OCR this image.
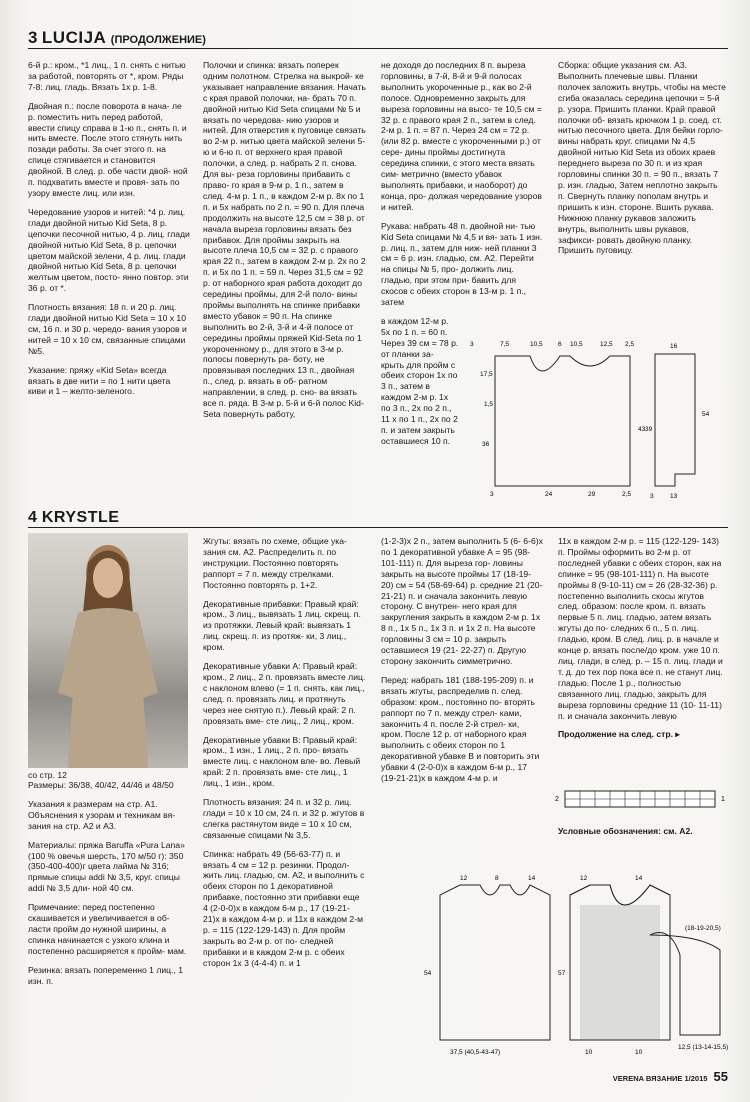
3 LUCIJA (ПРОДОЛЖЕНИЕ)

6-й р.: кром., *1 лиц., 1 п. снять с нитью за работой, повторять от *, кром. Ряды 7-8: лиц. гладь. Вязать 1х р. 1-8.

Двойная п.: после поворота в нача- ле р. поместить нить перед работой, ввести спицу справа в 1-ю п., снять п. и нить вместе. После этого стянуть нить позади работы. За счет этого п. на спице стягивается и становится двойной. В след. р. обе части двой- ной п. подхватить вместе и провя- зать по узору вместе лиц. или изн.

Чередование узоров и нитей: *4 р. лиц. глади двойной нитью Kid Seta, 8 р. цепочки песочной нитью, 4 р. лиц. глади двойной нитью Kid Seta, 8 р. цепочки цветом майской зелени, 4 р. лиц. глади двойной нитью Kid Seta, 8 р. цепочки желтым цветом, посто- янно повтор. эти 36 р. от *.

Плотность вязания: 18 п. и 20 р. лиц. глади двойной нитью Kid Seta = 10 х 10 см, 16 п. и 30 р. чередо- вания узоров и нитей = 10 х 10 см, связанные спицами №5.

Указание: пряжу «Kid Seta» всегда вязать в две нити = по 1 нити цвета киви и 1 – желто-зеленого.

Полочки и спинка: вязать поперек одним полотном. Стрелка на выкрой- ке указывает направление вязания. Начать с края правой полочки, на- брать 70 п. двойной нитью Kid Seta спицами № 5 и вязать по чередова- нию узоров и нитей. Для отверстия к пуговице связать во 2-м р. нитью цвета майской зелени 5-ю и 6-ю п. от верхнего края правой полочки, а след. р. набрать 2 п. снова. Для вы- реза горловины прибавить с право- го края в 9-м р. 1 п., затем в след. 4-м р. 1 п., в каждом 2-м р. 8х по 1 п. и 5х набрать по 2 п. = 90 п. Для плеча продолжить на высоте 12,5 см = 38 р. от начала выреза горловины вязать без прибавок. Для проймы закрыть на высоте плеча 10,5 см = 32 р. с правого края 22 п., затем в каждом 2-м р. 2х по 2 п. и 5х по 1 п. = 59 п. Через 31,5 см = 92 р. от наборного края работа доходит до середины проймы, для 2-й поло- вины проймы выполнять на спинке прибавки вместо убавок = 90 п. На спинке выполнить во 2-й, 3-й и 4-й полосе от середины проймы пряжей Kid-Seta по 1 укороченному р., для этого в 3-м р. полосы повернуть ра- боту, не провязывая последних 13 п., двойная п., след. р. вязать в об- ратном направлении, в след. р. сно- ва вязать все п. ряда. В 3-м р. 5-й и 6-й полос Kid-Seta повернуть работу,

не доходя до последних 8 п. выреза горловины, в 7-й, 8-й и 9-й полосах выполнить укороченные р., как во 2-й полосе. Одновременно закрыть для выреза горловины на высо- те 10,5 см = 32 р. с правого края 2 п., затем в след. 2-м р. 1 п. = 87 п. Через 24 см = 72 р. (или 82 р. вместе с укороченными р.) от сере- дины проймы достигнута середина спинки, с этого места вязать сим- метрично (вместо убавок выполнять прибавки, и наоборот) до конца, про- должая чередование узоров и нитей.

Рукава: набрать 48 п. двойной ни- тью Kid Seta спицами № 4,5 и вя- зать 1 изн. р. лиц. п., затем для ниж- ней планки 3 см = 6 р. изн. гладью, см. А2. Перейти на спицы № 5, про- должить лиц. гладью, при этом при- бавить для скосов с обеих сторон в 13-м р. 1 п., затем

в каждом 12-м р. 5х по 1 п. = 60 п. Через 39 см = 78 р. от планки за- крыть для пройм с обеих сторон 1х по 3 п., затем в каждом 2-м р. 1х по 3 п., 2х по 2 п., 11 х по 1 п., 2х по 2 п. и затем закрыть оставшиеся 10 п.

Сборка: общие указания см. А3. Выполнить плечевые швы. Планки полочек заложить внутрь, чтобы на месте сгиба оказалась середина цепочки = 5-й р. узора. Пришить планки. Край правой полочки об- вязать крючком 1 р. соед. ст. нитью песочного цвета. Для бейки горло- вины набрать круг. спицами № 4,5 двойной нитью Kid Seta из обоих краев переднего выреза по 30 п. и из края горловины спинки 30 п. = 90 п., вязать 7 р. изн. гладью, Затем неплотно закрыть п. Свернуть планку пополам внутрь и пришить к изн. стороне. Вшить рукава. Нижнюю планку рукавов заложить внутрь, выполнить швы рукавов, зафикси- ровать двойную планку. Пришить пуговицу.

3	7,5	10,5 6 10,5	12,5 2,5
17,5
1,5
36
3	24	29	2,5
43
16
3	13
39
54
4 KRYSTLE
со стр. 12

Размеры: 36/38, 40/42, 44/46 и 48/50

Указания к размерам на стр. А1. Объяснения к узорам и техникам вя- зания на стр. А2 и А3.

Материалы: пряжа Baruffa «Pura Lana» (100 % овечья шерсть, 170 м/50 г): 350 (350-400-400)г цвета лайма № 316; прямые спицы addi № 3,5, круг. спицы addi № 3,5 дли- ной 40 см.

Примечание: перед постепенно скашивается и увеличивается в об- ласти пройм до нужной ширины, а спинка начинается с узкого клина и постепенно расширяется к пройм- мам.

Резинка: вязать попеременно 1 лиц., 1 изн. п.

Жгуты: вязать по схеме, общие ука- зания см. А2. Распределить п. по инструкции. Постоянно повторять раппорт = 7 п. между стрелками. Постоянно повторять р. 1+2.

Декоративные прибавки: Правый край: кром., 3 лиц., вывязать 1 лиц. скрещ. п. из протяжки. Левый край: вывязать 1 лиц. скрещ. п. из протяж- ки, 3 лиц., кром.

Декоративные убавки А: Правый край: кром., 2 лиц., 2 п. провязать вместе лиц. с наклоном влево (= 1 п. снять, как лиц., след. п. провязать лиц. и протянуть через нее снятую п.). Левый край: 2 п. провязать вме- сте лиц., 2 лиц., кром.

Декоративные убавки В: Правый край: кром., 1 изн., 1 лиц., 2 п. про- вязать вместе лиц. с наклоном вле- во. Левый край: 2 п. провязать вме- сте лиц., 1 лиц., 1 изн., кром.

Плотность вязания: 24 п. и 32 р. лиц. глади = 10 х 10 см, 24 п. и 32 р. жгутов в слегка растянутом виде = 10 х 10 см, связанные спицами № 3,5.

Спинка: набрать 49 (56-63-77) п. и вязать 4 см = 12 р. резинки. Продол- жить лиц. гладью, см. А2, и выполнить с обеих сторон по 1 декоративной прибавке, постоянно эти прибавки еще 4 (2-0-0)х в каждом 6-м р., 17 (19-21-21)х в каждом 4-м р. и 11х в каждом 2-м р. = 115 (122-129-143) п. Для пройм закрыть во 2-м р. от по- следней прибавки и в каждом 2-м р. с обеих сторон 1х 3 (4-4-4) п. и 1

(1-2-3)х 2 п., затем выполнить 5 (6- 6-6)х по 1 декоративной убавке А = 95 (98-101-111) п. Для выреза гор- ловины закрыть на высоте проймы 17 (18-19-20) см = 54 (58-69-64) р. средние 21 (20-21-21) п. и сначала закончить левую сторону. С внутрен- него края для закругления закрыть в каждом 2-м р. 1х 8 п., 1х 5 п., 1х 3 п. и 1х 2 п. На высоте горловины 3 см = 10 р. закрыть оставшиеся 19 (21- 22-27) п. Другую сторону закончить симметрично.

Перед: набрать 181 (188-195-209) п. и вязать жгуты, распределив п. след. образом: кром., постоянно по- вторять раппорт по 7 п. между стрел- ками, закончить 4 п. после 2-й стрел- ки, кром. После 12 р. от наборного края выполнить с обеих сторон по 1 декоративной убавке В и повторить эти убавки 4 (2-0-0)х в каждом 6-м р., 17 (19-21-21)х в каждом 4-м р. и

11х в каждом 2-м р. = 115 (122-129- 143) п. Проймы оформить во 2-м р. от последней убавки с обеих сторон, как на спинке = 95 (98-101-111) п. На высоте проймы 8 (9-10-11) см = 26 (28-32-36) р. постепенно выполнить скосы жгутов след. образом: после кром. п. вязать первые 5 п. лиц. гладью, затем вязать жгуты до по- следних 6 п., 5 п. лиц. гладью, кром. В след. лиц. р. в начале и конце р. вязать после/до кром. уже 10 п. лиц. глади, в след. р. – 15 п. лиц. глади и т. д. до тех пор пока все п. не станут лиц. гладью. После 1 р., полностью связанного лиц. гладью, закрыть для выреза горловины средние 11 (10- 11-11) п. и сначала закончить левую

Продолжение на след. стр. ▸

2	1

Условные обозначения: см. А2.

12	8	14
54
37,5 (40,5-43-47)
12	14
57
10	10
(18-19-20,5)
12,5 (13-14-15,5)
VERENA ВЯЗАНИЕ 1/2015 55
